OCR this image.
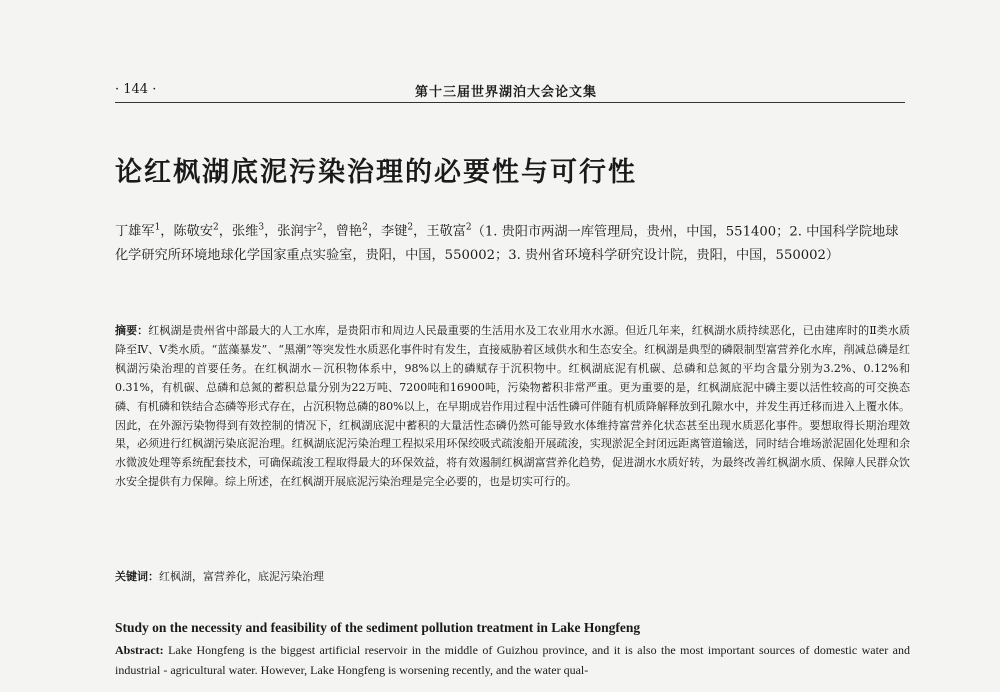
· 144 ·	第十三届世界湖泊大会论文集
论红枫湖底泥污染治理的必要性与可行性

丁雄军$^1$，陈敬安$^2$，张维$^3$，张润宇$^2$，曾艳$^2$，李键$^2$，王敬富$^2$（1. 贵阳市两湖一库管理局，贵州，中国，551400；2. 中国科学院地球化学研究所环境地球化学国家重点实验室，贵阳，中国，550002；3. 贵州省环境科学研究设计院，贵阳，中国，550002）

摘要：红枫湖是贵州省中部最大的人工水库，是贵阳市和周边人民最重要的生活用水及工农业用水水源。但近几年来，红枫湖水质持续恶化，已由建库时的Ⅱ类水质降至Ⅳ、Ⅴ类水质。“蓝藻暴发”、“黑潮”等突发性水质恶化事件时有发生，直接威胁着区域供水和生态安全。红枫湖是典型的磷限制型富营养化水库，削减总磷是红枫湖污染治理的首要任务。在红枫湖水－沉积物体系中，98%以上的磷赋存于沉积物中。红枫湖底泥有机碳、总磷和总氮的平均含量分别为3.2%、0.12%和0.31%，有机碳、总磷和总氮的蓄积总量分别为22万吨、7200吨和16900吨，污染物蓄积非常严重。更为重要的是，红枫湖底泥中磷主要以活性较高的可交换态磷、有机磷和铁结合态磷等形式存在，占沉积物总磷的80%以上，在早期成岩作用过程中活性磷可伴随有机质降解释放到孔隙水中，并发生再迁移而进入上覆水体。因此，在外源污染物得到有效控制的情况下，红枫湖底泥中蓄积的大量活性态磷仍然可能导致水体维持富营养化状态甚至出现水质恶化事件。要想取得长期治理效果，必须进行红枫湖污染底泥治理。红枫湖底泥污染治理工程拟采用环保绞吸式疏浚船开展疏浚，实现淤泥全封闭远距离管道输送，同时结合堆场淤泥固化处理和余水微波处理等系统配套技术，可确保疏浚工程取得最大的环保效益，将有效遏制红枫湖富营养化趋势，促进湖水水质好转，为最终改善红枫湖水质、保障人民群众饮水安全提供有力保障。综上所述，在红枫湖开展底泥污染治理是完全必要的，也是切实可行的。

关键词：红枫湖，富营养化，底泥污染治理

Study on the necessity and feasibility of the sediment pollution treatment in Lake Hongfeng

Abstract: Lake Hongfeng is the biggest artificial reservoir in the middle of Guizhou province, and it is also the most important sources of domestic water and industrial - agricultural water. However, Lake Hongfeng is worsening recently, and the water qual-
